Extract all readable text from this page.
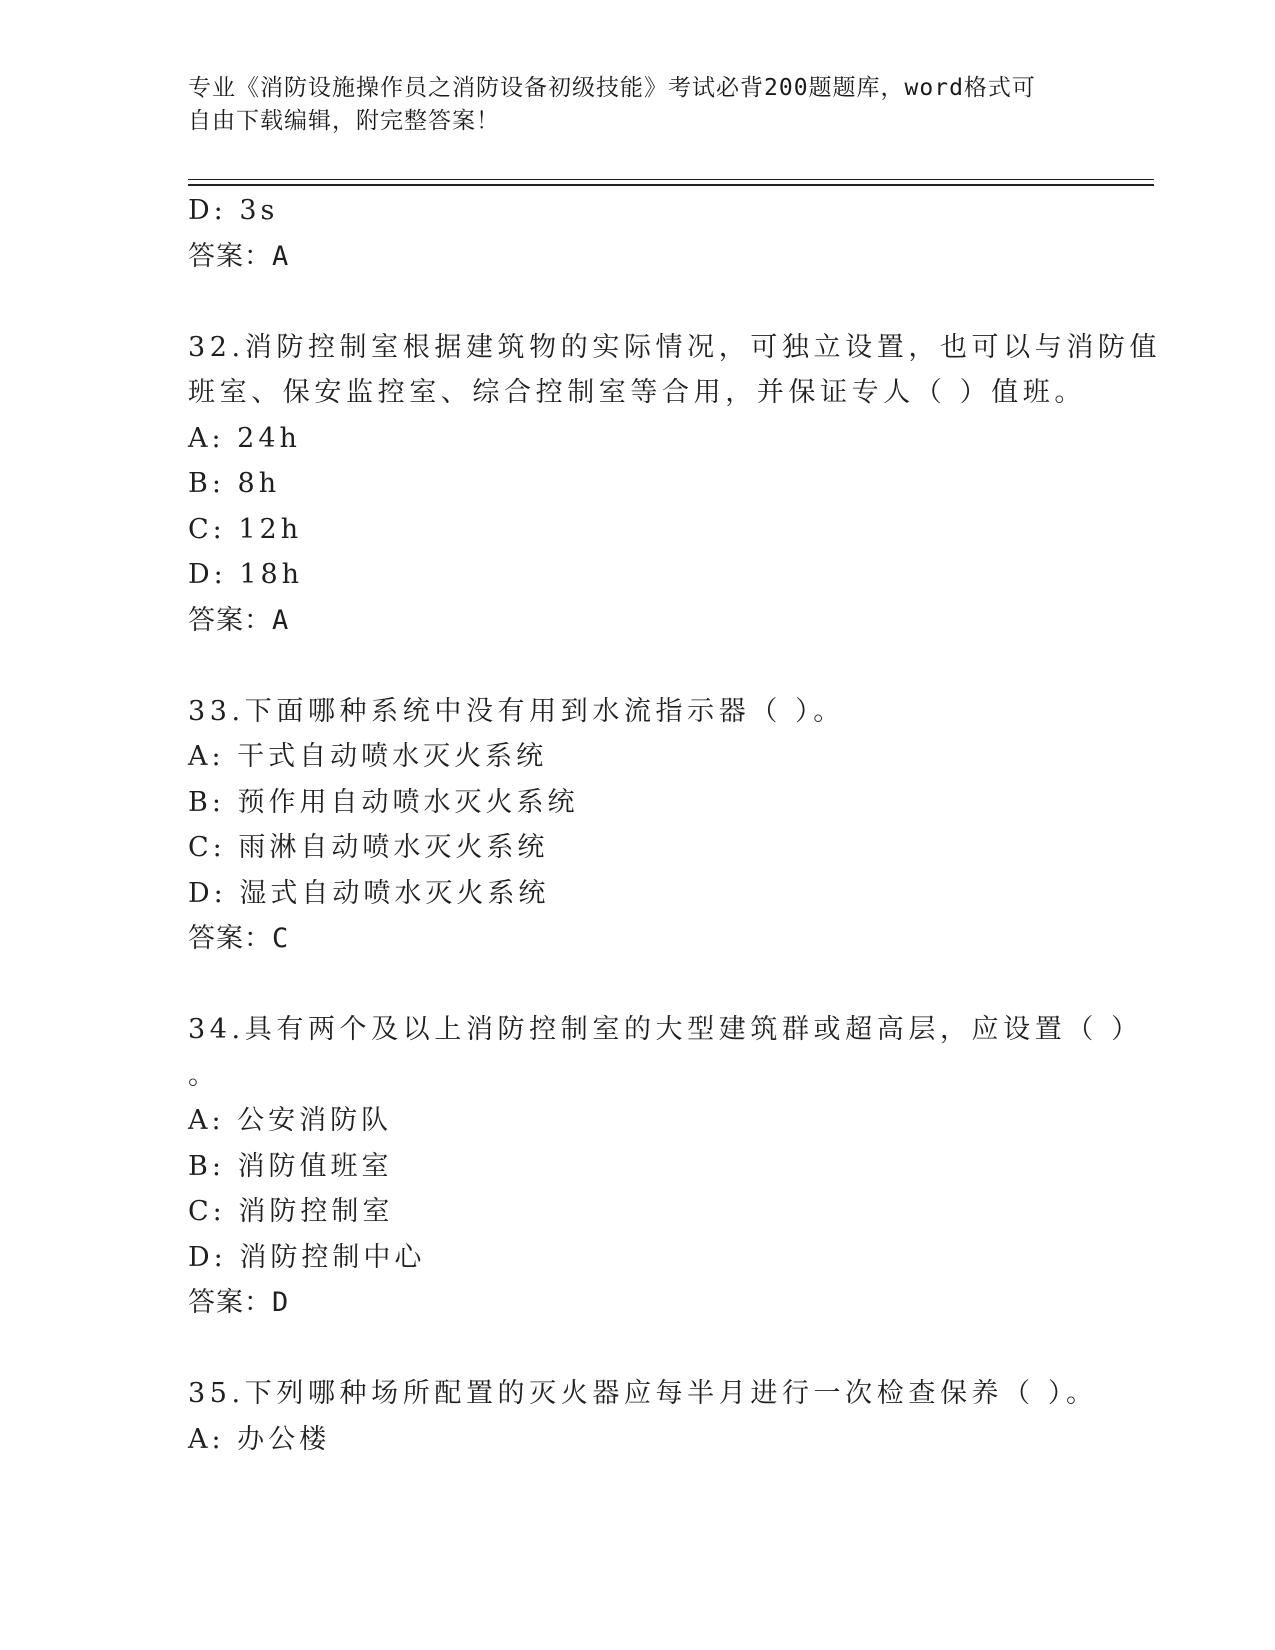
专业《消防设施操作员之消防设备初级技能》考试必背200题题库，word格式可
自由下载编辑，附完整答案！
D: 3s
答案：A
32.消防控制室根据建筑物的实际情况，可独立设置，也可以与消防值
班室、保安监控室、综合控制室等合用，并保证专人（ ）值班。
A: 24h
B: 8h
C: 12h
D: 18h
答案：A
33.下面哪种系统中没有用到水流指示器（ ）。
A: 干式自动喷水灭火系统
B: 预作用自动喷水灭火系统
C: 雨淋自动喷水灭火系统
D: 湿式自动喷水灭火系统
答案：C
34.具有两个及以上消防控制室的大型建筑群或超高层，应设置（ ）
。
A: 公安消防队
B: 消防值班室
C: 消防控制室
D: 消防控制中心
答案：D
35.下列哪种场所配置的灭火器应每半月进行一次检查保养（ ）。
A: 办公楼
